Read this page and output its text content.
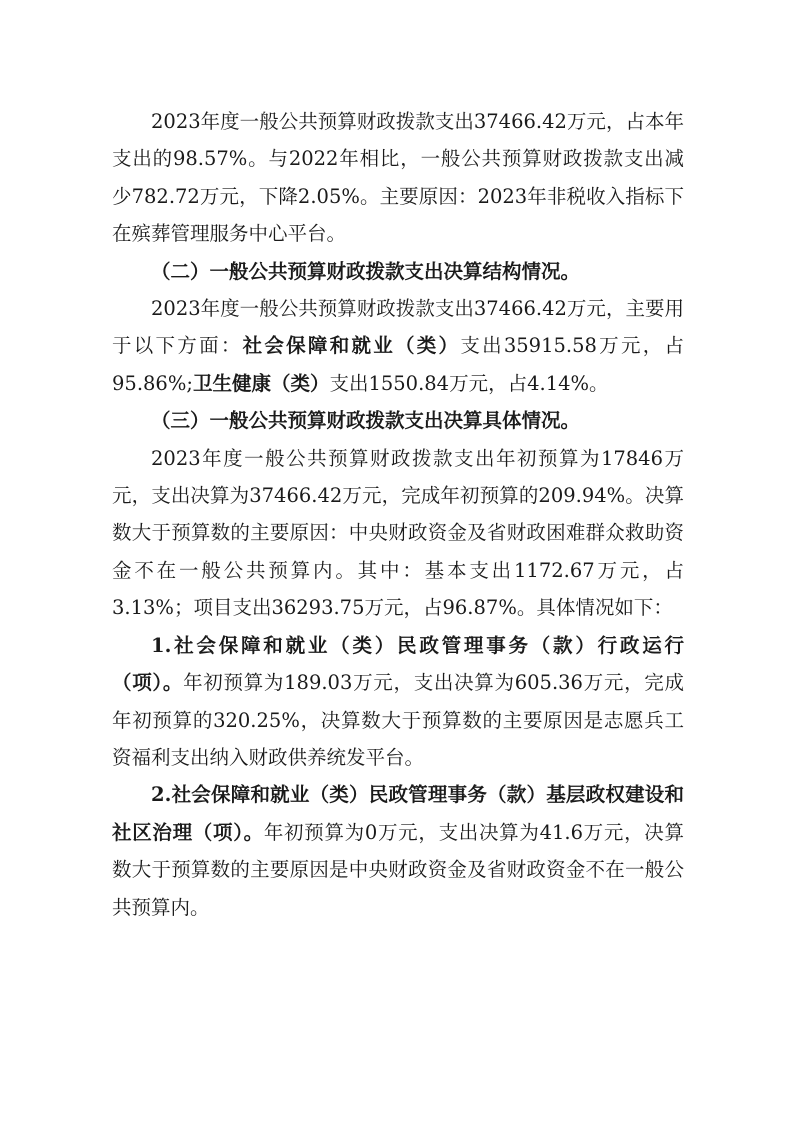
2023年度一般公共预算财政拨款支出37466.42万元，占本年支出的98.57%。与2022年相比，一般公共预算财政拨款支出减少782.72万元，下降2.05%。主要原因：2023年非税收入指标下在殡葬管理服务中心平台。

（二）一般公共预算财政拨款支出决算结构情况。

2023年度一般公共预算财政拨款支出37466.42万元，主要用于以下方面：社会保障和就业（类）支出35915.58万元，占95.86%;卫生健康（类）支出1550.84万元，占4.14%。

（三）一般公共预算财政拨款支出决算具体情况。

2023年度一般公共预算财政拨款支出年初预算为17846万元，支出决算为37466.42万元，完成年初预算的209.94%。决算数大于预算数的主要原因：中央财政资金及省财政困难群众救助资金不在一般公共预算内。其中：基本支出1172.67万元，占3.13%；项目支出36293.75万元，占96.87%。具体情况如下：

1.社会保障和就业（类）民政管理事务（款）行政运行（项）。年初预算为189.03万元，支出决算为605.36万元，完成年初预算的320.25%，决算数大于预算数的主要原因是志愿兵工资福利支出纳入财政供养统发平台。

2.社会保障和就业（类）民政管理事务（款）基层政权建设和社区治理（项）。年初预算为0万元，支出决算为41.6万元，决算数大于预算数的主要原因是中央财政资金及省财政资金不在一般公共预算内。
